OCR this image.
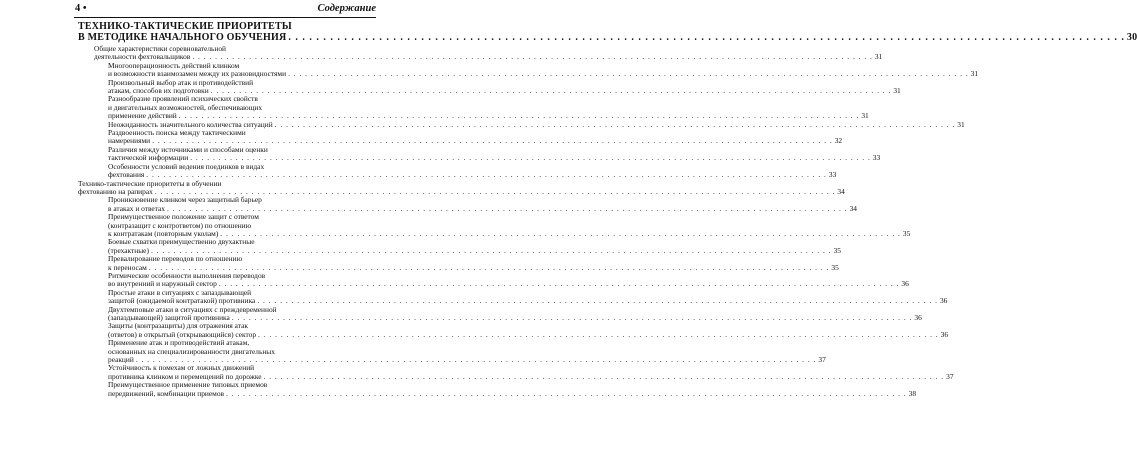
4 •	Содержание
ТЕХНИКО-ТАКТИЧЕСКИЕ ПРИОРИТЕТЫ
В МЕТОДИКЕ НАЧАЛЬНОГО ОБУЧЕНИЯ . . . . . . . . . . . . . . . . . . . . . . . . . . . . . . . . . . . . . . . . . . . . . . . . . . . . . . . . . . . . . . . . . . . . . . . . . . . . . . . . . . . . . . . . . . . . . . . . . . . . . . . . . . . . . . . . . . . . . . . . 30
Общие характеристики соревновательной
деятельности фехтовальщиков . . . . . . . . . . . . . . . . . . . . . . . . . . . . . . . . . . . . . . . . . . . . . . . . . . . . . . . . . . . . . . . . . . . . . . . . . . . . . . . . . . . . . . . . . . . . . . . . . . . . . . . . . . . . . . . . . . . . . . . . 31
Многооперационность действий клинком
и возможности взаимозамен между их разновидностями . . . . . . . . . . . . . . . . . . . . . . . . . . . . . . . . . . . . . . . . . . . . . . . . . . . . . . . . . . . . . . . . . . . . . . . . . . . . . . . . . . . . . . . . . . . . . . . . . . . . . . . . . . . . . . . . . . . . . . . . 31
Произвольный выбор атак и противодействий
атакам, способов их подготовки . . . . . . . . . . . . . . . . . . . . . . . . . . . . . . . . . . . . . . . . . . . . . . . . . . . . . . . . . . . . . . . . . . . . . . . . . . . . . . . . . . . . . . . . . . . . . . . . . . . . . . . . . . . . . . . . . . . . . . . . 31
Разнообразие проявлений психических свойств
и двигательных возможностей, обеспечивающих
применение действий . . . . . . . . . . . . . . . . . . . . . . . . . . . . . . . . . . . . . . . . . . . . . . . . . . . . . . . . . . . . . . . . . . . . . . . . . . . . . . . . . . . . . . . . . . . . . . . . . . . . . . . . . . . . . . . . . . . . . . . . 31
Неожиданность значительного количества ситуаций . . . . . . . . . . . . . . . . . . . . . . . . . . . . . . . . . . . . . . . . . . . . . . . . . . . . . . . . . . . . . . . . . . . . . . . . . . . . . . . . . . . . . . . . . . . . . . . . . . . . . . . . . . . . . . . . . . . . . . . . 31
Раздвоенность поиска между тактическими
намерениями . . . . . . . . . . . . . . . . . . . . . . . . . . . . . . . . . . . . . . . . . . . . . . . . . . . . . . . . . . . . . . . . . . . . . . . . . . . . . . . . . . . . . . . . . . . . . . . . . . . . . . . . . . . . . . . . . . . . . . . . 32
Различия между источниками и способами оценки
тактической информации . . . . . . . . . . . . . . . . . . . . . . . . . . . . . . . . . . . . . . . . . . . . . . . . . . . . . . . . . . . . . . . . . . . . . . . . . . . . . . . . . . . . . . . . . . . . . . . . . . . . . . . . . . . . . . . . . . . . . . . . 33
Особенности условий ведения поединков в видах
фехтования . . . . . . . . . . . . . . . . . . . . . . . . . . . . . . . . . . . . . . . . . . . . . . . . . . . . . . . . . . . . . . . . . . . . . . . . . . . . . . . . . . . . . . . . . . . . . . . . . . . . . . . . . . . . . . . . . . . . . . . . 33
Технико-тактические приоритеты в обучении
фехтованию на рапирах . . . . . . . . . . . . . . . . . . . . . . . . . . . . . . . . . . . . . . . . . . . . . . . . . . . . . . . . . . . . . . . . . . . . . . . . . . . . . . . . . . . . . . . . . . . . . . . . . . . . . . . . . . . . . . . . . . . . . . . . 34
Проникновение клинком через защитный барьер
в атаках и ответах . . . . . . . . . . . . . . . . . . . . . . . . . . . . . . . . . . . . . . . . . . . . . . . . . . . . . . . . . . . . . . . . . . . . . . . . . . . . . . . . . . . . . . . . . . . . . . . . . . . . . . . . . . . . . . . . . . . . . . . . 34
Преимущественное положение защит с ответом
(контразащит с контрответом) по отношению
к контратакам (повторным уколам) . . . . . . . . . . . . . . . . . . . . . . . . . . . . . . . . . . . . . . . . . . . . . . . . . . . . . . . . . . . . . . . . . . . . . . . . . . . . . . . . . . . . . . . . . . . . . . . . . . . . . . . . . . . . . . . . . . . . . . . . 35
Боевые схватки преимущественно двухактные
(трехактные) . . . . . . . . . . . . . . . . . . . . . . . . . . . . . . . . . . . . . . . . . . . . . . . . . . . . . . . . . . . . . . . . . . . . . . . . . . . . . . . . . . . . . . . . . . . . . . . . . . . . . . . . . . . . . . . . . . . . . . . . 35
Превалирование переводов по отношению
к переносам . . . . . . . . . . . . . . . . . . . . . . . . . . . . . . . . . . . . . . . . . . . . . . . . . . . . . . . . . . . . . . . . . . . . . . . . . . . . . . . . . . . . . . . . . . . . . . . . . . . . . . . . . . . . . . . . . . . . . . . . 35
Ритмические особенности выполнения переводов
во внутренний и наружный сектор . . . . . . . . . . . . . . . . . . . . . . . . . . . . . . . . . . . . . . . . . . . . . . . . . . . . . . . . . . . . . . . . . . . . . . . . . . . . . . . . . . . . . . . . . . . . . . . . . . . . . . . . . . . . . . . . . . . . . . . . 36
Простые атаки в ситуациях с запаздывающей
защитой (ожидаемой контратакой) противника . . . . . . . . . . . . . . . . . . . . . . . . . . . . . . . . . . . . . . . . . . . . . . . . . . . . . . . . . . . . . . . . . . . . . . . . . . . . . . . . . . . . . . . . . . . . . . . . . . . . . . . . . . . . . . . . . . . . . . . . 36
Двухтемповые атаки в ситуациях с преждевременной
(запаздывающей) защитой противника . . . . . . . . . . . . . . . . . . . . . . . . . . . . . . . . . . . . . . . . . . . . . . . . . . . . . . . . . . . . . . . . . . . . . . . . . . . . . . . . . . . . . . . . . . . . . . . . . . . . . . . . . . . . . . . . . . . . . . . . 36
Защиты (контразащиты) для отражения атак
(ответов) в открытый (открывающийся) сектор . . . . . . . . . . . . . . . . . . . . . . . . . . . . . . . . . . . . . . . . . . . . . . . . . . . . . . . . . . . . . . . . . . . . . . . . . . . . . . . . . . . . . . . . . . . . . . . . . . . . . . . . . . . . . . . . . . . . . . . . 36
Применение атак и противодействий атакам,
основанных на специализированности двигательных
реакций . . . . . . . . . . . . . . . . . . . . . . . . . . . . . . . . . . . . . . . . . . . . . . . . . . . . . . . . . . . . . . . . . . . . . . . . . . . . . . . . . . . . . . . . . . . . . . . . . . . . . . . . . . . . . . . . . . . . . . . . 37
Устойчивость к помехам от ложных движений
противника клинком и перемещений по дорожке . . . . . . . . . . . . . . . . . . . . . . . . . . . . . . . . . . . . . . . . . . . . . . . . . . . . . . . . . . . . . . . . . . . . . . . . . . . . . . . . . . . . . . . . . . . . . . . . . . . . . . . . . . . . . . . . . . . . . . . . 37
Преимущественное применение типовых приемов
передвижений, комбинации приемов . . . . . . . . . . . . . . . . . . . . . . . . . . . . . . . . . . . . . . . . . . . . . . . . . . . . . . . . . . . . . . . . . . . . . . . . . . . . . . . . . . . . . . . . . . . . . . . . . . . . . . . . . . . . . . . . . . . . . . . . 38
